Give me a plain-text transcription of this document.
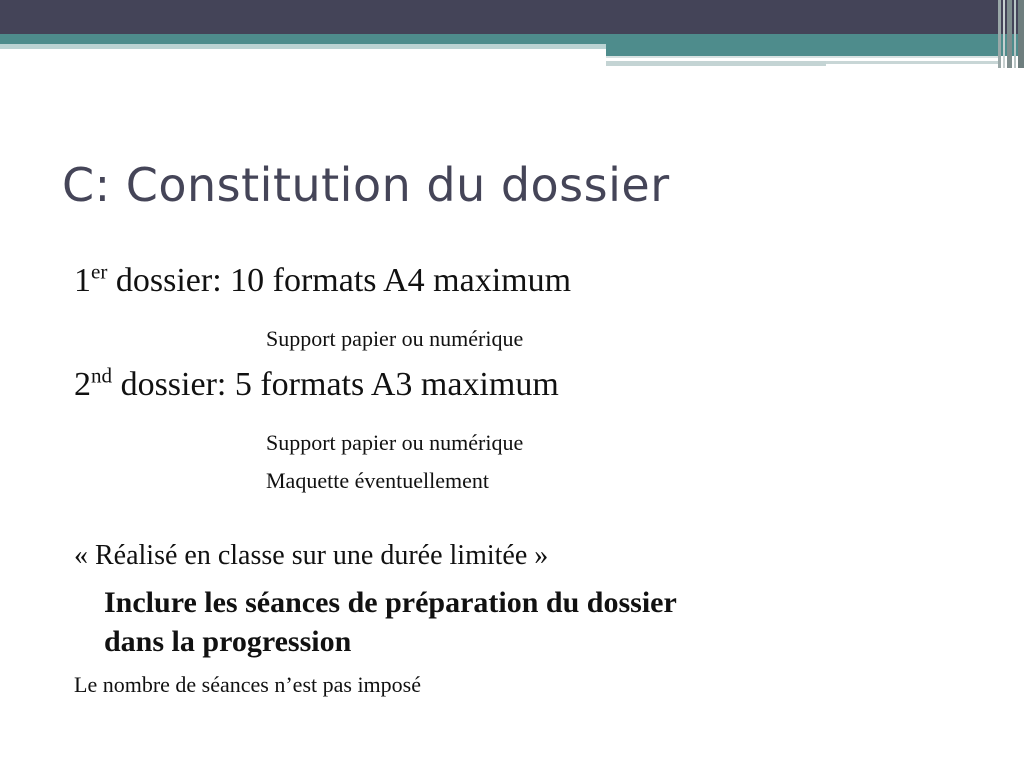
C: Constitution du dossier
1er dossier: 10 formats A4 maximum
Support papier ou numérique
2nd dossier: 5 formats A3 maximum
Support papier ou numérique
Maquette éventuellement
« Réalisé en classe sur une durée limitée »
Inclure les séances de préparation du dossier
dans la progression
Le nombre de séances n’est pas imposé
